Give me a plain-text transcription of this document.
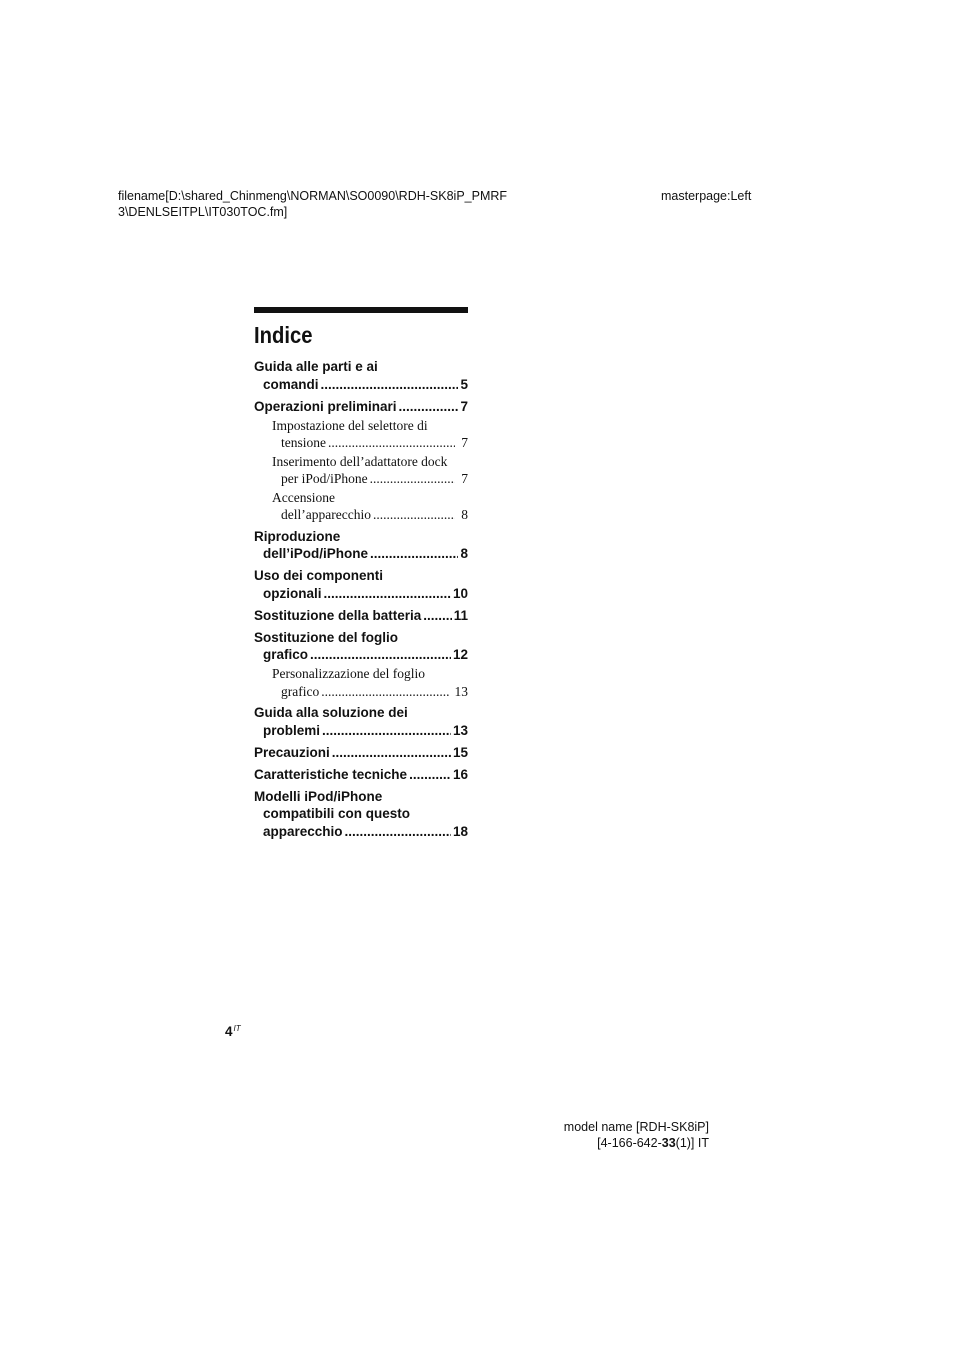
filename[D:\shared_Chinmeng\NORMAN\SO0090\RDH-SK8iP_PMRF
3\DENLSEITPL\IT030TOC.fm]
masterpage:Left
Indice
Guida alle parti e ai
comandi .....	5
Operazioni preliminari .....	7
Impostazione del selettore di
tensione .....	7
Inserimento dell’adattatore dock
per iPod/iPhone .....	7
Accensione
dell’apparecchio .....	8
Riproduzione
dell’iPod/iPhone .....	8
Uso dei componenti
opzionali .....	10
Sostituzione della batteria ..... 11
Sostituzione del foglio
grafico .....	12
Personalizzazione del foglio
grafico .....	13
Guida alla soluzione dei
problemi .....	13
Precauzioni .....	15
Caratteristiche tecniche .....	16
Modelli iPod/iPhone
compatibili con questo
apparecchio .....	18
$4^{IT}$
model name [RDH-SK8iP]
[4-166-642-33(1)] IT
